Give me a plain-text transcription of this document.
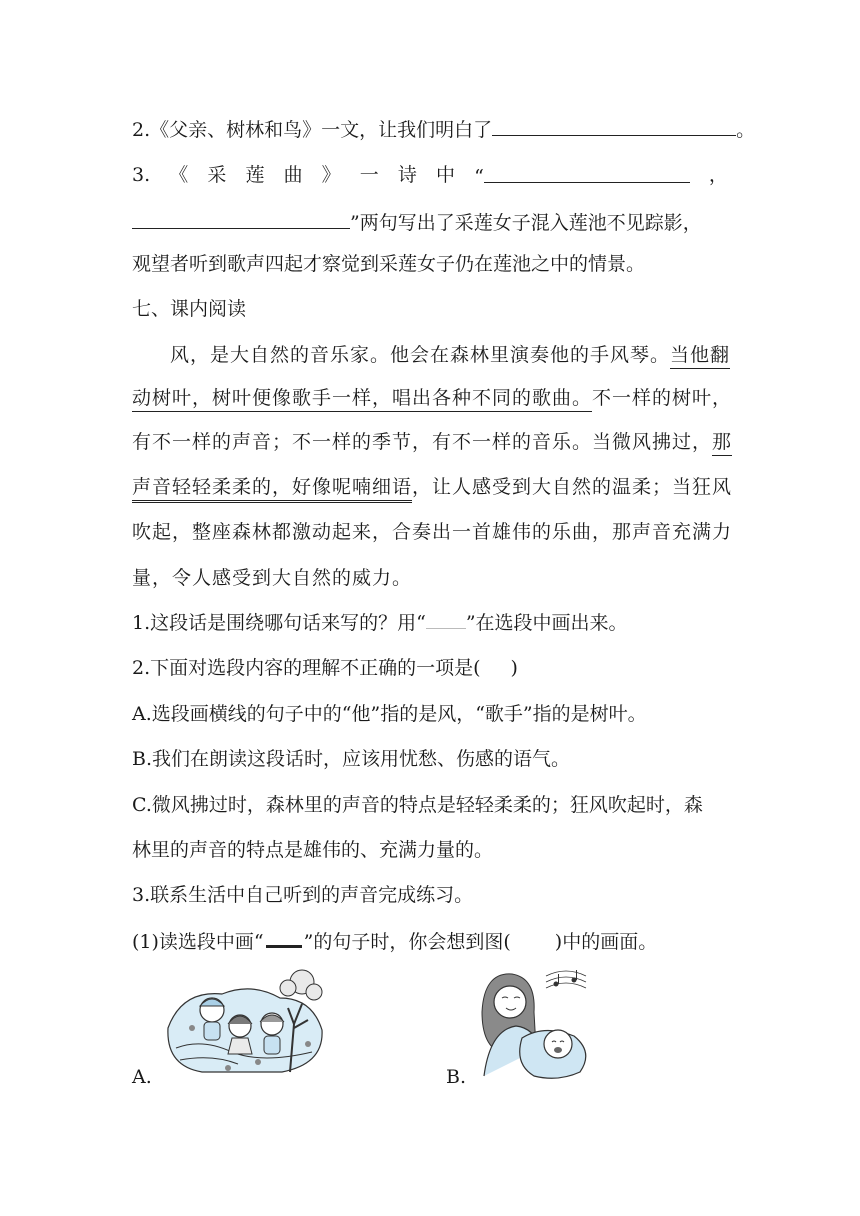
2.《父亲、树林和鸟》一文，让我们明白了	。
3. 《 采 莲 曲 》 一 诗 中 “	，
”两句写出了采莲女子混入莲池不见踪影，
观望者听到歌声四起才察觉到采莲女子仍在莲池之中的情景。
七、课内阅读
风，是大自然的音乐家。他会在森林里演奏他的手风琴。当他翻
动树叶，树叶便像歌手一样，唱出各种不同的歌曲。不一样的树叶，
有不一样的声音；不一样的季节，有不一样的音乐。当微风拂过，那
声音轻轻柔柔的，好像呢喃细语，让人感受到大自然的温柔；当狂风
吹起，整座森林都激动起来，合奏出一首雄伟的乐曲，那声音充满力
量，令人感受到大自然的威力。
1.这段话是围绕哪句话来写的？用“ ”在选段中画出来。
2.下面对选段内容的理解不正确的一项是( )
A.选段画横线的句子中的“他”指的是风，“歌手”指的是树叶。
B.我们在朗读这段话时，应该用忧愁、伤感的语气。
C.微风拂过时，森林里的声音的特点是轻轻柔柔的；狂风吹起时，森
林里的声音的特点是雄伟的、充满力量的。
3.联系生活中自己听到的声音完成练习。
(1)读选段中画“ ”的句子时，你会想到图( )中的画面。
A.	B.
